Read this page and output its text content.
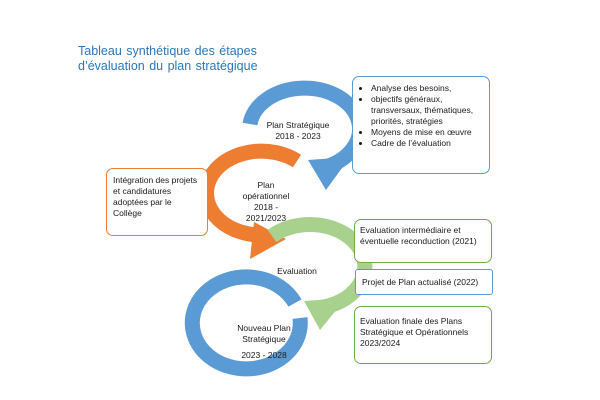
Tableau synthétique des étapes
d’évaluation du plan stratégique
Plan Stratégique
2018 - 2023
Plan
opérationnel
2018 -
2021/2023
Evaluation
Nouveau Plan
Stratégique
2023 - 2028
• Analyse des besoins,
• objectifs généraux, transversaux, thématiques, priorités, stratégies
• Moyens de mise en œuvre
• Cadre de l’évaluation
Intégration des projets et candidatures adoptées par le Collège
Evaluation intermédiaire et éventuelle reconduction (2021)
Projet de Plan actualisé (2022)
Evaluation finale des Plans Stratégique et Opérationnels 2023/2024
